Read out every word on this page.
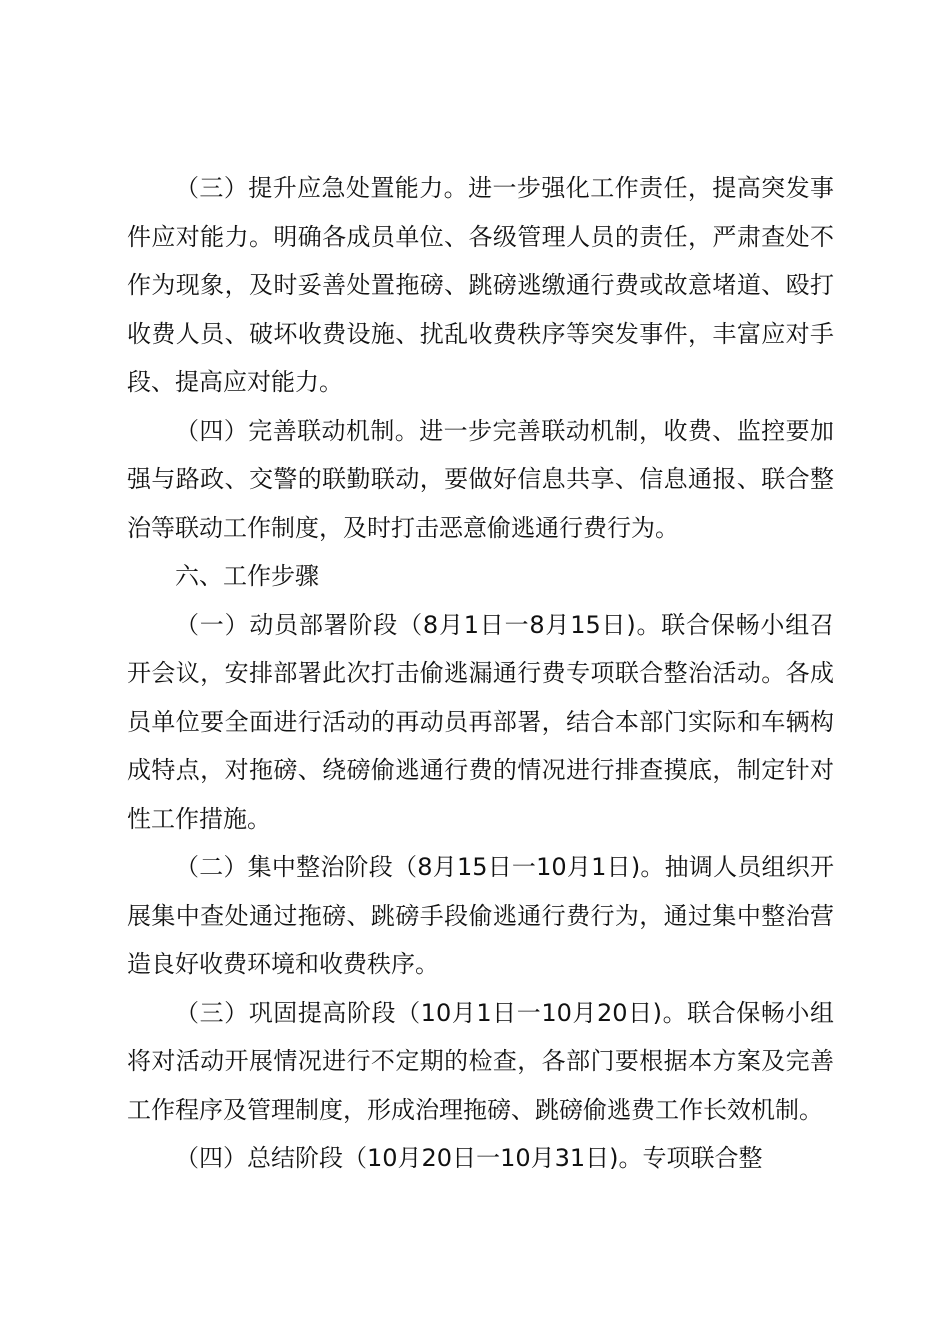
（三）提升应急处置能力。进一步强化工作责任，提高突发事件应对能力。明确各成员单位、各级管理人员的责任，严肃查处不作为现象，及时妥善处置拖磅、跳磅逃缴通行费或故意堵道、殴打收费人员、破坏收费设施、扰乱收费秩序等突发事件，丰富应对手段、提高应对能力。

（四）完善联动机制。进一步完善联动机制，收费、监控要加强与路政、交警的联勤联动，要做好信息共享、信息通报、联合整治等联动工作制度，及时打击恶意偷逃通行费行为。

六、工作步骤

（一）动员部署阶段（8月1日一8月15日)。联合保畅小组召开会议，安排部署此次打击偷逃漏通行费专项联合整治活动。各成员单位要全面进行活动的再动员再部署，结合本部门实际和车辆构成特点，对拖磅、绕磅偷逃通行费的情况进行排查摸底，制定针对性工作措施。

（二）集中整治阶段（8月15日一10月1日)。抽调人员组织开展集中查处通过拖磅、跳磅手段偷逃通行费行为，通过集中整治营造良好收费环境和收费秩序。

（三）巩固提高阶段（10月1日一10月20日)。联合保畅小组将对活动开展情况进行不定期的检查，各部门要根据本方案及完善工作程序及管理制度，形成治理拖磅、跳磅偷逃费工作长效机制。

（四）总结阶段（10月20日一10月31日)。专项联合整
